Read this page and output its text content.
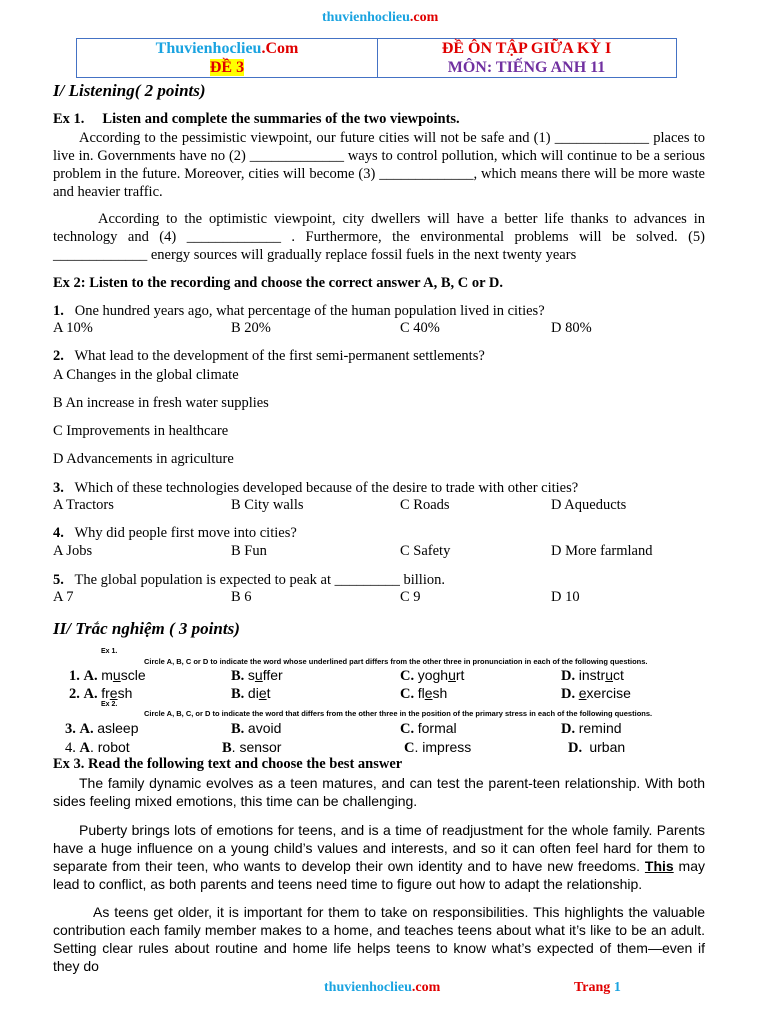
thuvienhoclieu.com
Thuvienhoclieu.Com
ĐỀ 3
ĐỀ ÔN TẬP GIỮA KỲ I
MÔN: TIẾNG ANH 11
I/ Listening( 2 points)
Ex 1. Listen and complete the summaries of the two viewpoints.
According to the pessimistic viewpoint, our future cities will not be safe and (1) _____________ places to live in. Governments have no (2) _____________ ways to control pollution, which will continue to be a serious problem in the future. Moreover, cities will become (3) _____________, which means there will be more waste and heavier traffic.
According to the optimistic viewpoint, city dwellers will have a better life thanks to advances in technology and (4) _____________ . Furthermore, the environmental problems will be solved. (5) _____________ energy sources will gradually replace fossil fuels in the next twenty years
Ex 2: Listen to the recording and choose the correct answer A, B, C or D.
1. One hundred years ago, what percentage of the human population lived in cities?
A 10%	B 20%	C 40%	D 80%
2. What lead to the development of the first semi-permanent settlements?
A Changes in the global climate
B An increase in fresh water supplies
C Improvements in healthcare
D Advancements in agriculture
3. Which of these technologies developed because of the desire to trade with other cities?
A Tractors	B City walls	C Roads	D Aqueducts
4. Why did people first move into cities?
A Jobs	B Fun	C Safety	D More farmland
5. The global population is expected to peak at _________ billion.
A 7	B 6	C 9	D 10
II/ Trắc nghiệm ( 3 points)
Ex 1.
Circle A, B, C or D to indicate the word whose underlined part differs from the other three in pronunciation in each of the following questions.
1. A. muscle	B. suffer	C. yoghurt	D. instruct
2. A. fresh	B. diet	C. flesh	D. exercise
Ex 2.
Circle A, B, C, or D to indicate the word that differs from the other three in the position of the primary stress in each of the following questions.
3. A. asleep	B. avoid	C. formal	D. remind
4. A. robot	B. sensor	C. impress	D. urban
Ex 3. Read the following text and choose the best answer
The family dynamic evolves as a teen matures, and can test the parent-teen relationship. With both sides feeling mixed emotions, this time can be challenging.
Puberty brings lots of emotions for teens, and is a time of readjustment for the whole family. Parents have a huge influence on a young child’s values and interests, and so it can often feel hard for them to separate from their teen, who wants to develop their own identity and to have new freedoms. This may lead to conflict, as both parents and teens need time to figure out how to adapt the relationship.
As teens get older, it is important for them to take on responsibilities. This highlights the valuable contribution each family member makes to a home, and teaches teens about what it’s like to be an adult. Setting clear rules about routine and home life helps teens to know what’s expected of them—even if they do
thuvienhoclieu.com	Trang 1
